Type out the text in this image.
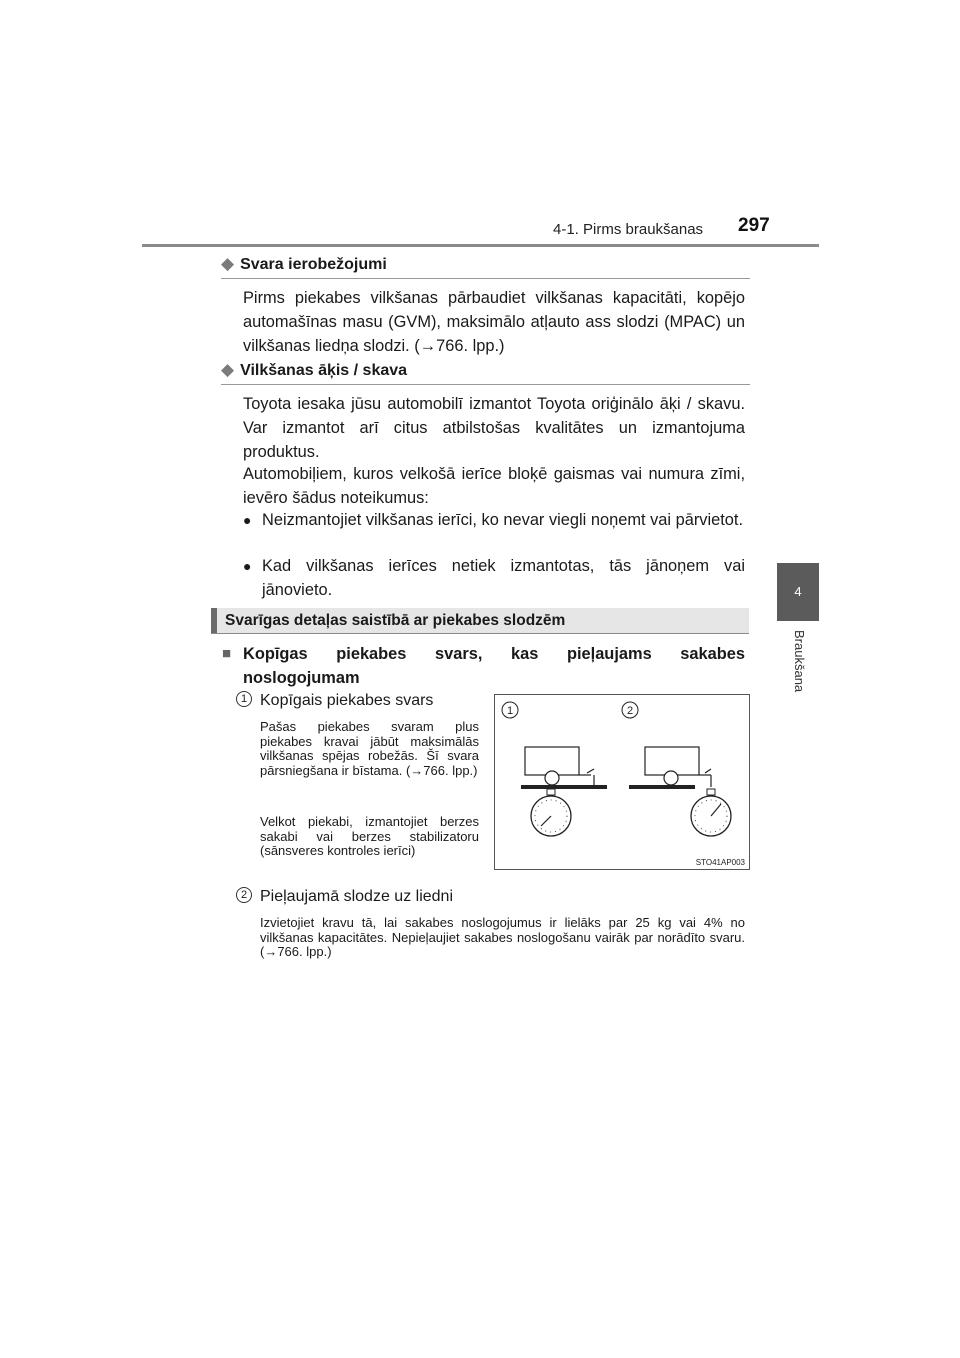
4-1. Pirms braukšanas 297
4
Braukšana
◆ Svara ierobežojumi

Pirms piekabes vilkšanas pārbaudiet vilkšanas kapacitāti, kopējo automašīnas masu (GVM), maksimālo atļauto ass slodzi (MPAC) un vilkšanas liedņa slodzi. (→766. lpp.)

◆ Vilkšanas āķis / skava

Toyota iesaka jūsu automobilī izmantot Toyota oriģinālo āķi / skavu. Var izmantot arī citus atbilstošas kvalitātes un izmantojuma produktus.

Automobiļiem, kuros velkošā ierīce bloķē gaismas vai numura zīmi, ievēro šādus noteikumus:

● Neizmantojiet vilkšanas ierīci, ko nevar viegli noņemt vai pārvietot.
● Kad vilkšanas ierīces netiek izmantotas, tās jānoņem vai jānovieto.
Svarīgas detaļas saistībā ar piekabes slodzēm
■ Kopīgas piekabes svars, kas pieļaujams sakabes noslogojumam
1 Kopīgais piekabes svars

Pašas piekabes svaram plus piekabes kravai jābūt maksimālās vilkšanas spējas robežās. Šī svara pārsniegšana ir bīstama. (→766. lpp.)

Velkot piekabi, izmantojiet berzes sakabi vai berzes stabilizatoru (sānsveres kontroles ierīci)

2 Pieļaujamā slodze uz liedni

Izvietojiet kravu tā, lai sakabes noslogojumus ir lielāks par 25 kg vai 4% no vilkšanas kapacitātes. Nepieļaujiet sakabes noslogošanu vairāk par norādīto svaru. (→766. lpp.)

1	2
STO41AP003
